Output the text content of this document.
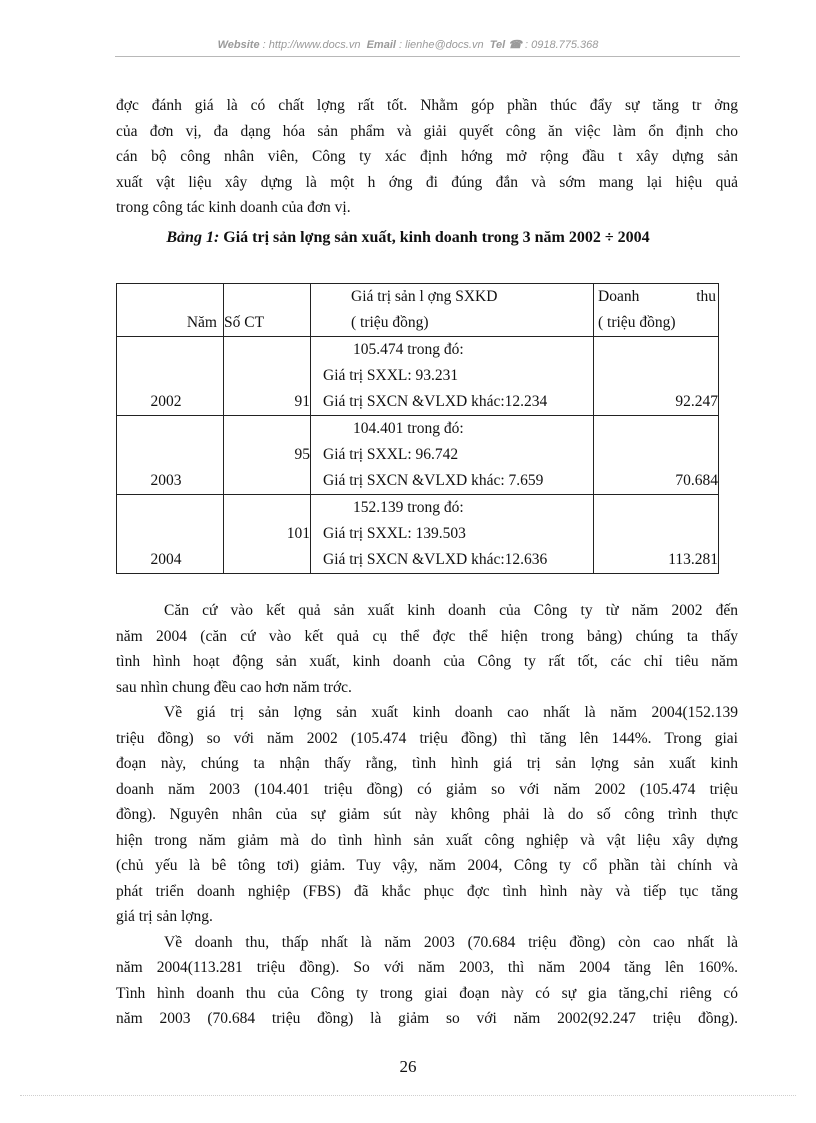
Website : http://www.docs.vn Email : lienhe@docs.vn Tel ☎ : 0918.775.368
đợc đánh giá là có chất lợng rất tốt. Nhằm góp phần thúc đẩy sự tăng tr ởng
của đơn vị, đa dạng hóa sản phẩm và giải quyết công ăn việc làm ổn định cho
cán bộ công nhân viên, Công ty xác định hớng mở rộng đầu t xây dựng sản
xuất vật liệu xây dựng là một h ớng đi đúng đắn và sớm mang lại hiệu quả
trong công tác kinh doanh của đơn vị.
Bảng 1: Giá trị sản lợng sản xuất, kinh doanh trong 3 năm 2002 ÷ 2004
Năm	Số CT	Giá trị sản l ợng SXKD
( triệu đồng)	Doanh thu
( triệu đồng)

2002	91	105.474 trong đó:
Giá trị SXXL: 93.231
Giá trị SXCN &VLXD khác:12.234	92.247
2003	95	104.401 trong đó:
Giá trị SXXL: 96.742
Giá trị SXCN &VLXD khác: 7.659	70.684
2004	101	152.139 trong đó:
Giá trị SXXL: 139.503
Giá trị SXCN &VLXD khác:12.636	113.281
Căn cứ vào kết quả sản xuất kinh doanh của Công ty từ năm 2002 đến
năm 2004 (căn cứ vào kết quả cụ thể đợc thể hiện trong bảng) chúng ta thấy
tình hình hoạt động sản xuất, kinh doanh của Công ty rất tốt, các chỉ tiêu năm
sau nhìn chung đều cao hơn năm trớc.
Về giá trị sản lợng sản xuất kinh doanh cao nhất là năm 2004(152.139
triệu đồng) so với năm 2002 (105.474 triệu đồng) thì tăng lên 144%. Trong giai
đoạn này, chúng ta nhận thấy rằng, tình hình giá trị sản lợng sản xuất kinh
doanh năm 2003 (104.401 triệu đồng) có giảm so với năm 2002 (105.474 triệu
đồng). Nguyên nhân của sự giảm sút này không phải là do số công trình thực
hiện trong năm giảm mà do tình hình sản xuất công nghiệp và vật liệu xây dựng
(chủ yếu là bê tông tơi) giảm. Tuy vậy, năm 2004, Công ty cổ phần tài chính và
phát triển doanh nghiệp (FBS) đã khắc phục đợc tình hình này và tiếp tục tăng
giá trị sản lợng.
Về doanh thu, thấp nhất là năm 2003 (70.684 triệu đồng) còn cao nhất là
năm 2004(113.281 triệu đồng). So với năm 2003, thì năm 2004 tăng lên 160%.
Tình hình doanh thu của Công ty trong giai đoạn này có sự gia tăng,chỉ riêng có
năm 2003 (70.684 triệu đồng) là giảm so với năm 2002(92.247 triệu đồng).
26
